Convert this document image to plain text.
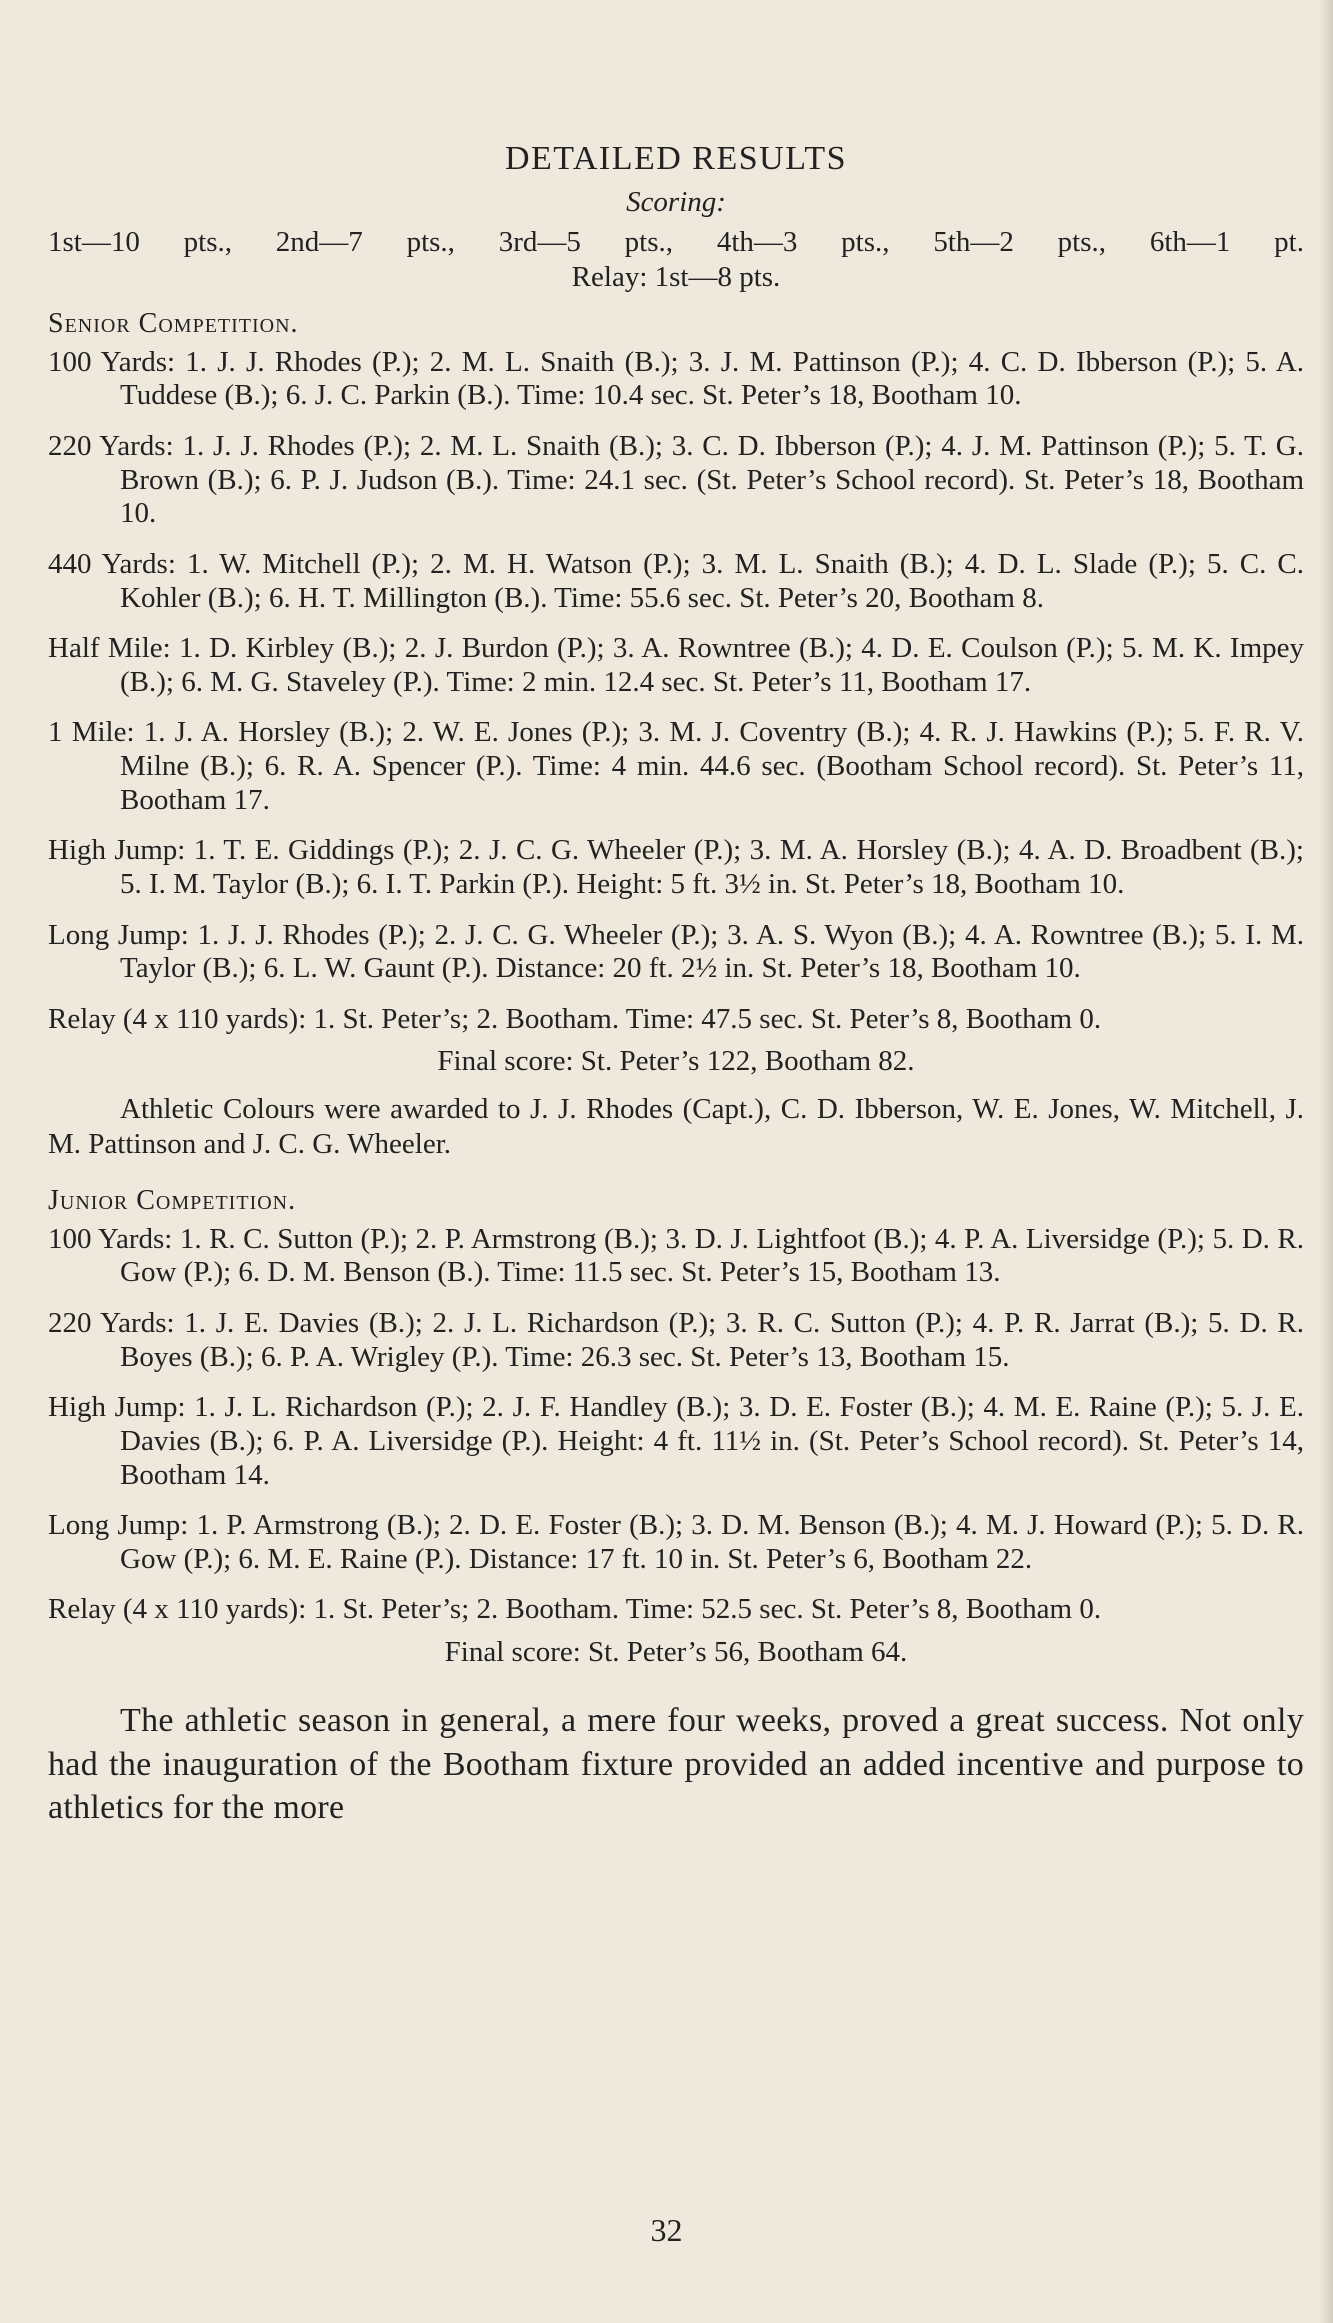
DETAILED RESULTS
Scoring:
1st—10 pts., 2nd—7 pts., 3rd—5 pts., 4th—3 pts., 5th—2 pts., 6th—1 pt.
Relay: 1st—8 pts.
Senior Competition.

100 Yards: 1. J. J. Rhodes (P.); 2. M. L. Snaith (B.); 3. J. M. Pattinson (P.); 4. C. D. Ibberson (P.); 5. A. Tuddese (B.); 6. J. C. Parkin (B.). Time: 10.4 sec. St. Peter’s 18, Bootham 10.

220 Yards: 1. J. J. Rhodes (P.); 2. M. L. Snaith (B.); 3. C. D. Ibberson (P.); 4. J. M. Pattinson (P.); 5. T. G. Brown (B.); 6. P. J. Judson (B.). Time: 24.1 sec. (St. Peter’s School record). St. Peter’s 18, Bootham 10.

440 Yards: 1. W. Mitchell (P.); 2. M. H. Watson (P.); 3. M. L. Snaith (B.); 4. D. L. Slade (P.); 5. C. C. Kohler (B.); 6. H. T. Millington (B.). Time: 55.6 sec. St. Peter’s 20, Bootham 8.

Half Mile: 1. D. Kirbley (B.); 2. J. Burdon (P.); 3. A. Rowntree (B.); 4. D. E. Coulson (P.); 5. M. K. Impey (B.); 6. M. G. Staveley (P.). Time: 2 min. 12.4 sec. St. Peter’s 11, Bootham 17.

1 Mile: 1. J. A. Horsley (B.); 2. W. E. Jones (P.); 3. M. J. Coventry (B.); 4. R. J. Hawkins (P.); 5. F. R. V. Milne (B.); 6. R. A. Spencer (P.). Time: 4 min. 44.6 sec. (Bootham School record). St. Peter’s 11, Bootham 17.

High Jump: 1. T. E. Giddings (P.); 2. J. C. G. Wheeler (P.); 3. M. A. Horsley (B.); 4. A. D. Broadbent (B.); 5. I. M. Taylor (B.); 6. I. T. Parkin (P.). Height: 5 ft. 3½ in. St. Peter’s 18, Bootham 10.

Long Jump: 1. J. J. Rhodes (P.); 2. J. C. G. Wheeler (P.); 3. A. S. Wyon (B.); 4. A. Rowntree (B.); 5. I. M. Taylor (B.); 6. L. W. Gaunt (P.). Distance: 20 ft. 2½ in. St. Peter’s 18, Bootham 10.

Relay (4 x 110 yards): 1. St. Peter’s; 2. Bootham. Time: 47.5 sec. St. Peter’s 8, Bootham 0.

Final score: St. Peter’s 122, Bootham 82.

Athletic Colours were awarded to J. J. Rhodes (Capt.), C. D. Ibberson, W. E. Jones, W. Mitchell, J. M. Pattinson and J. C. G. Wheeler.

Junior Competition.

100 Yards: 1. R. C. Sutton (P.); 2. P. Armstrong (B.); 3. D. J. Lightfoot (B.); 4. P. A. Liversidge (P.); 5. D. R. Gow (P.); 6. D. M. Benson (B.). Time: 11.5 sec. St. Peter’s 15, Bootham 13.

220 Yards: 1. J. E. Davies (B.); 2. J. L. Richardson (P.); 3. R. C. Sutton (P.); 4. P. R. Jarrat (B.); 5. D. R. Boyes (B.); 6. P. A. Wrigley (P.). Time: 26.3 sec. St. Peter’s 13, Bootham 15.

High Jump: 1. J. L. Richardson (P.); 2. J. F. Handley (B.); 3. D. E. Foster (B.); 4. M. E. Raine (P.); 5. J. E. Davies (B.); 6. P. A. Liversidge (P.). Height: 4 ft. 11½ in. (St. Peter’s School record). St. Peter’s 14, Bootham 14.

Long Jump: 1. P. Armstrong (B.); 2. D. E. Foster (B.); 3. D. M. Benson (B.); 4. M. J. Howard (P.); 5. D. R. Gow (P.); 6. M. E. Raine (P.). Distance: 17 ft. 10 in. St. Peter’s 6, Bootham 22.

Relay (4 x 110 yards): 1. St. Peter’s; 2. Bootham. Time: 52.5 sec. St. Peter’s 8, Bootham 0.

Final score: St. Peter’s 56, Bootham 64.

The athletic season in general, a mere four weeks, proved a great success. Not only had the inauguration of the Bootham fixture provided an added incentive and purpose to athletics for the more

32
